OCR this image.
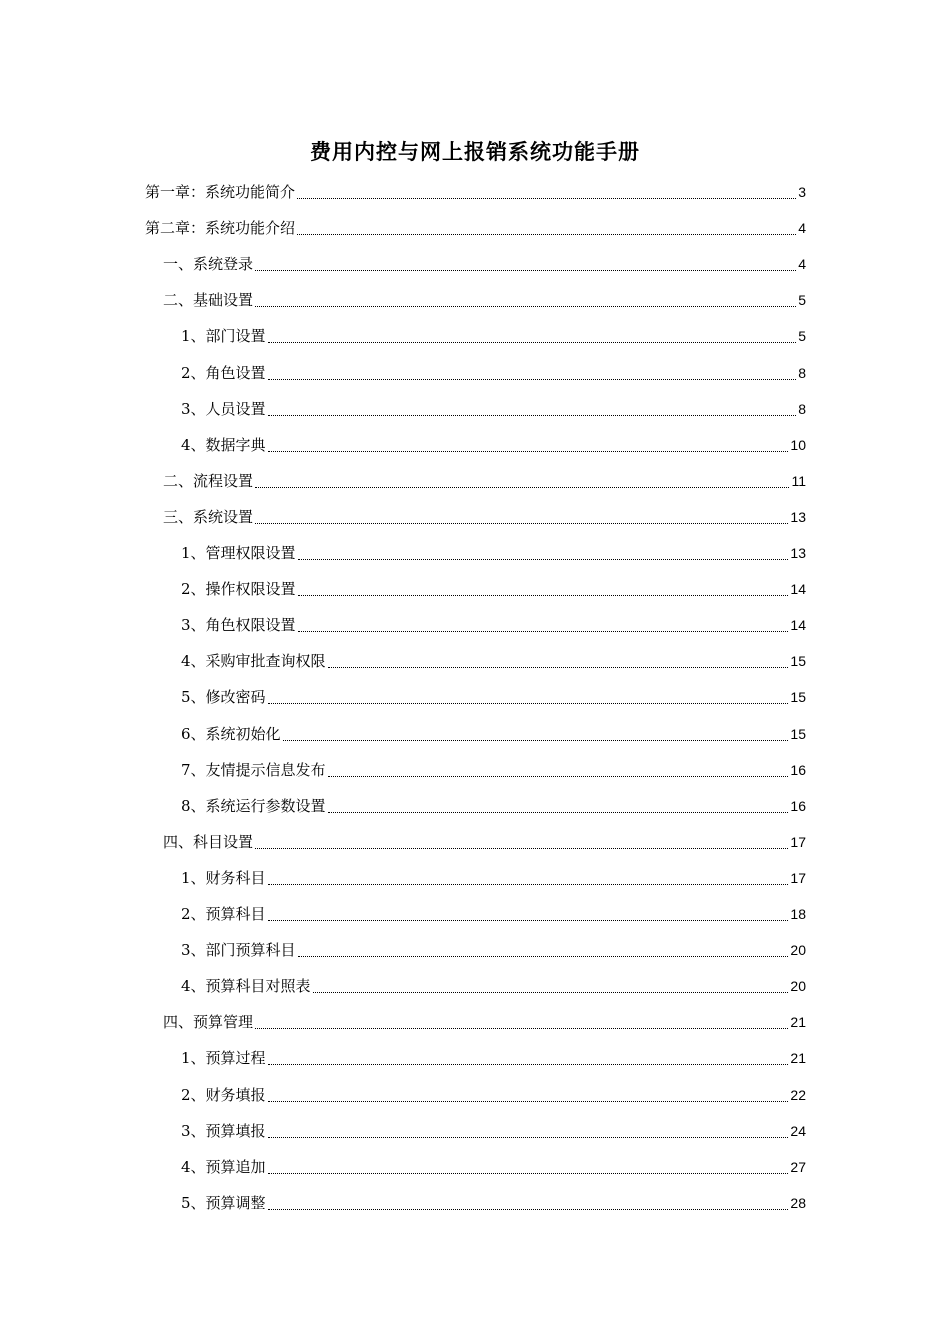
费用内控与网上报销系统功能手册
第一章：系统功能简介	3
第二章：系统功能介绍	4
一、系统登录	4
二、基础设置	5
1、部门设置	5
2、角色设置	8
3、人员设置	8
4、数据字典	10
二、流程设置	11
三、系统设置	13
1、管理权限设置	13
2、操作权限设置	14
3、角色权限设置	14
4、采购审批查询权限	15
5、修改密码	15
6、系统初始化	15
7、友情提示信息发布	16
8、系统运行参数设置	16
四、科目设置	17
1、财务科目	17
2、预算科目	18
3、部门预算科目	20
4、预算科目对照表	20
四、预算管理	21
1、预算过程	21
2、财务填报	22
3、预算填报	24
4、预算追加	27
5、预算调整	28
